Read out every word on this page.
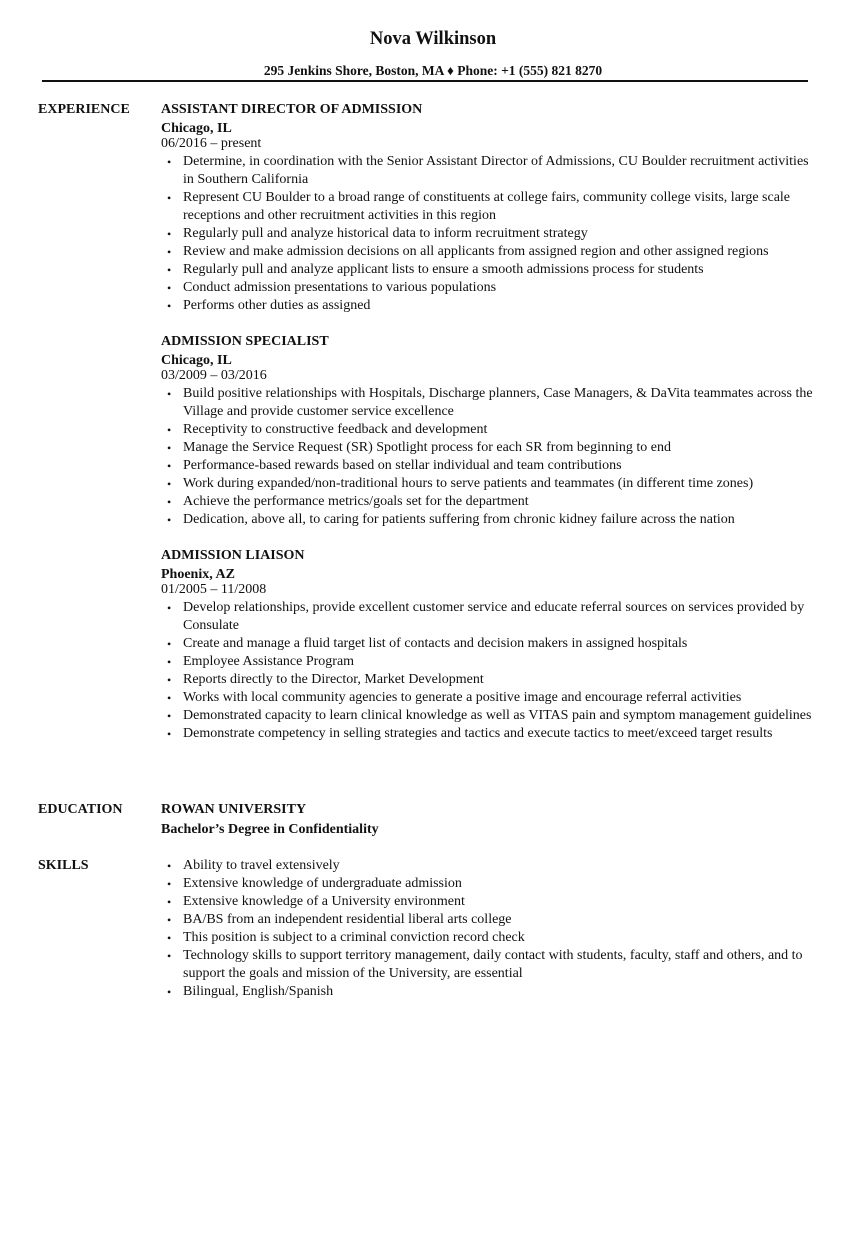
Nova Wilkinson
295 Jenkins Shore, Boston, MA ♦ Phone: +1 (555) 821 8270
EXPERIENCE ASSISTANT DIRECTOR OF ADMISSION
Chicago, IL
06/2016 – present
• Determine, in coordination with the Senior Assistant Director of Admissions, CU Boulder recruitment activities in Southern California
• Represent CU Boulder to a broad range of constituents at college fairs, community college visits, large scale receptions and other recruitment activities in this region
• Regularly pull and analyze historical data to inform recruitment strategy
• Review and make admission decisions on all applicants from assigned region and other assigned regions
• Regularly pull and analyze applicant lists to ensure a smooth admissions process for students
• Conduct admission presentations to various populations
• Performs other duties as assigned
ADMISSION SPECIALIST
Chicago, IL
03/2009 – 03/2016
• Build positive relationships with Hospitals, Discharge planners, Case Managers, & DaVita teammates across the Village and provide customer service excellence
• Receptivity to constructive feedback and development
• Manage the Service Request (SR) Spotlight process for each SR from beginning to end
• Performance-based rewards based on stellar individual and team contributions
• Work during expanded/non-traditional hours to serve patients and teammates (in different time zones)
• Achieve the performance metrics/goals set for the department
• Dedication, above all, to caring for patients suffering from chronic kidney failure across the nation
ADMISSION LIAISON
Phoenix, AZ
01/2005 – 11/2008
• Develop relationships, provide excellent customer service and educate referral sources on services provided by Consulate
• Create and manage a fluid target list of contacts and decision makers in assigned hospitals
• Employee Assistance Program
• Reports directly to the Director, Market Development
• Works with local community agencies to generate a positive image and encourage referral activities
• Demonstrated capacity to learn clinical knowledge as well as VITAS pain and symptom management guidelines
• Demonstrate competency in selling strategies and tactics and execute tactics to meet/exceed target results
EDUCATION	ROWAN UNIVERSITY
Bachelor’s Degree in Confidentiality
SKILLS
•	Ability to travel extensively
• Extensive knowledge of undergraduate admission
• Extensive knowledge of a University environment
• BA/BS from an independent residential liberal arts college
• This position is subject to a criminal conviction record check
• Technology skills to support territory management, daily contact with students, faculty, staff and others, and to support the goals and mission of the University, are essential
• Bilingual, English/Spanish
